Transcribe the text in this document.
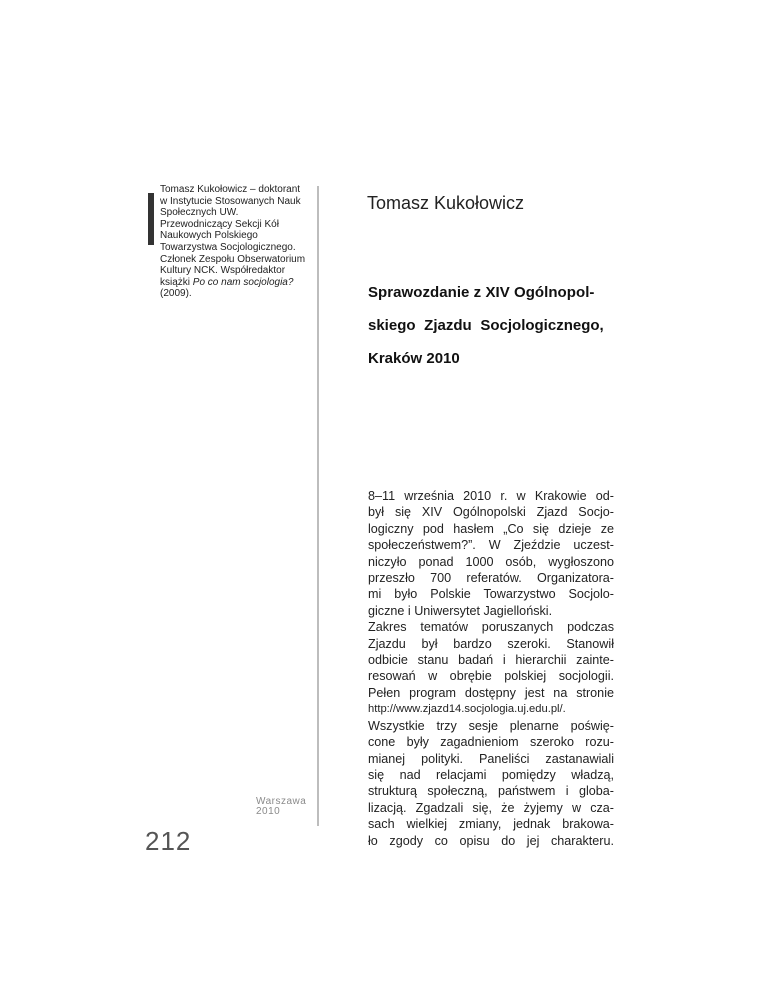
Tomasz Kukołowicz – doktorant w Instytucie Stosowanych Nauk Społecznych UW. Przewodniczący Sekcji Kół Naukowych Polskiego Towarzystwa Socjologicznego. Członek Zespołu Obserwatorium Kultury NCK. Współredaktor książki Po co nam socjologia? (2009).

Tomasz Kukołowicz
Sprawozdanie z XIV Ogólnopol-
skiego Zjazdu Socjologicznego,
Kraków 2010
8–11 września 2010 r. w Krakowie od-
był się XIV Ogólnopolski Zjazd Socjo-
logiczny pod hasłem „Co się dzieje ze
społeczeństwem?”. W Zjeździe uczest-
niczyło ponad 1000 osób, wygłoszono
przeszło 700 referatów. Organizatora-
mi było Polskie Towarzystwo Socjolo-
giczne i Uniwersytet Jagielloński.
Zakres tematów poruszanych podczas
Zjazdu był bardzo szeroki. Stanowił
odbicie stanu badań i hierarchii zainte-
resowań w obrębie polskiej socjologii.
Pełen program dostępny jest na stronie
http://www.zjazd14.socjologia.uj.edu.pl/.
Wszystkie trzy sesje plenarne poświę-
cone były zagadnieniom szeroko rozu-
mianej polityki. Paneliści zastanawiali
się nad relacjami pomiędzy władzą,
strukturą społeczną, państwem i globa-
lizacją. Zgadzali się, że żyjemy w cza-
sach wielkiej zmiany, jednak brakowa-
ło zgody co opisu do jej charakteru.
Warszawa
2010
212
